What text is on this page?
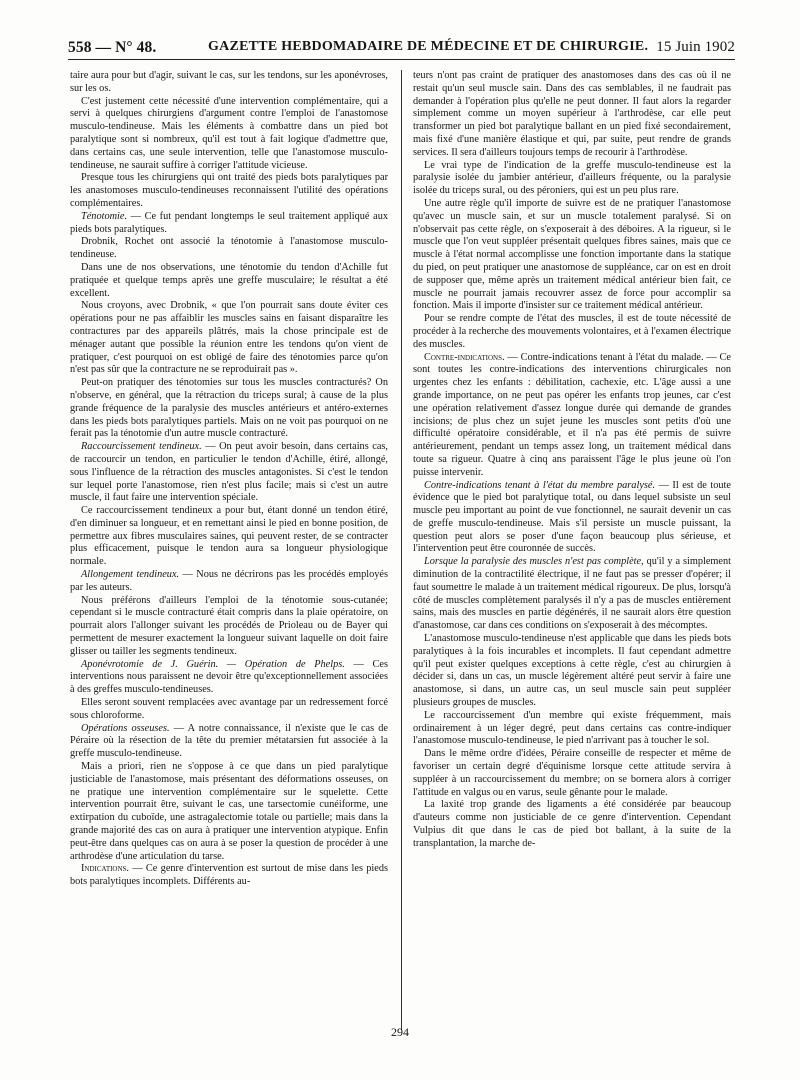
558 — N° 48.	GAZETTE HEBDOMADAIRE DE MÉDECINE ET DE CHIRURGIE. 15 Juin 1902

taire aura pour but d'agir, suivant le cas, sur les tendons, sur les aponévroses, sur les os.

C'est justement cette nécessité d'une intervention complémentaire, qui a servi à quelques chirurgiens d'argument contre l'emploi de l'anastomose musculo-tendineuse. Mais les éléments à combattre dans un pied bot paralytique sont si nombreux, qu'il est tout à fait logique d'admettre que, dans certains cas, une seule intervention, telle que l'anastomose musculo-tendineuse, ne saurait suffire à corriger l'attitude vicieuse.

Presque tous les chirurgiens qui ont traité des pieds bots paralytiques par les anastomoses musculo-tendineuses reconnaissent l'utilité des opérations complémentaires.

Ténotomie. — Ce fut pendant longtemps le seul traitement appliqué aux pieds bots paralytiques.

Drobnik, Rochet ont associé la ténotomie à l'anastomose musculo-tendineuse.

Dans une de nos observations, une ténotomie du tendon d'Achille fut pratiquée et quelque temps après une greffe musculaire; le résultat a été excellent.

Nous croyons, avec Drobnik, « que l'on pourrait sans doute éviter ces opérations pour ne pas affaiblir les muscles sains en faisant disparaître les contractures par des appareils plâtrés, mais la chose principale est de ménager autant que possible la réunion entre les tendons qu'on vient de pratiquer, c'est pourquoi on est obligé de faire des ténotomies parce qu'on n'est pas sûr que la contracture ne se reproduirait pas ».

Peut-on pratiquer des ténotomies sur tous les muscles contracturés? On n'observe, en général, que la rétraction du triceps sural; à cause de la plus grande fréquence de la paralysie des muscles antérieurs et antéro-externes dans les pieds bots paralytiques partiels. Mais on ne voit pas pourquoi on ne ferait pas la ténotomie d'un autre muscle contracturé.

Raccourcissement tendineux. — On peut avoir besoin, dans certains cas, de raccourcir un tendon, en particulier le tendon d'Achille, étiré, allongé, sous l'influence de la rétraction des muscles antagonistes. Si c'est le tendon sur lequel porte l'anastomose, rien n'est plus facile; mais si c'est un autre muscle, il faut faire une intervention spéciale.

Ce raccourcissement tendineux a pour but, étant donné un tendon étiré, d'en diminuer sa longueur, et en remettant ainsi le pied en bonne position, de permettre aux fibres musculaires saines, qui peuvent rester, de se contracter plus efficacement, puisque le tendon aura sa longueur physiologique normale.

Allongement tendineux. — Nous ne décrirons pas les procédés employés par les auteurs.

Nous préférons d'ailleurs l'emploi de la ténotomie sous-cutanée; cependant si le muscle contracturé était compris dans la plaie opératoire, on pourrait alors l'allonger suivant les procédés de Prioleau ou de Bayer qui permettent de mesurer exactement la longueur suivant laquelle on doit faire glisser ou tailler les segments tendineux.

Aponévrotomie de J. Guérin. — Opération de Phelps. — Ces interventions nous paraissent ne devoir être qu'exceptionnellement associées à des greffes musculo-tendineuses.

Elles seront souvent remplacées avec avantage par un redressement forcé sous chloroforme.

Opérations osseuses. — A notre connaissance, il n'existe que le cas de Péraire où la résection de la tête du premier métatarsien fut associée à la greffe musculo-tendineuse.

Mais a priori, rien ne s'oppose à ce que dans un pied paralytique justiciable de l'anastomose, mais présentant des déformations osseuses, on ne pratique une intervention complémentaire sur le squelette. Cette intervention pourrait être, suivant le cas, une tarsectomie cunéiforme, une extirpation du cuboïde, une astragalectomie totale ou partielle; mais dans la grande majorité des cas on aura à pratiquer une intervention atypique. Enfin peut-être dans quelques cas on aura à se poser la question de procéder à une arthrodèse d'une articulation du tarse.

Indications. — Ce genre d'intervention est surtout de mise dans les pieds bots paralytiques incomplets. Différents au-

teurs n'ont pas craint de pratiquer des anastomoses dans des cas où il ne restait qu'un seul muscle sain. Dans des cas semblables, il ne faudrait pas demander à l'opération plus qu'elle ne peut donner. Il faut alors la regarder simplement comme un moyen supérieur à l'arthrodèse, car elle peut transformer un pied bot paralytique ballant en un pied fixé secondairement, mais fixé d'une manière élastique et qui, par suite, peut rendre de grands services. Il sera d'ailleurs toujours temps de recourir à l'arthrodèse.

Le vrai type de l'indication de la greffe musculo-tendineuse est la paralysie isolée du jambier antérieur, d'ailleurs fréquente, ou la paralysie isolée du triceps sural, ou des péroniers, qui est un peu plus rare.

Une autre règle qu'il importe de suivre est de ne pratiquer l'anastomose qu'avec un muscle sain, et sur un muscle totalement paralysé. Si on n'observait pas cette règle, on s'exposerait à des déboires. A la rigueur, si le muscle que l'on veut suppléer présentait quelques fibres saines, mais que ce muscle à l'état normal accomplisse une fonction importante dans la statique du pied, on peut pratiquer une anastomose de suppléance, car on est en droit de supposer que, même après un traitement médical antérieur bien fait, ce muscle ne pourrait jamais recouvrer assez de force pour accomplir sa fonction. Mais il importe d'insister sur ce traitement médical antérieur.

Pour se rendre compte de l'état des muscles, il est de toute nécessité de procéder à la recherche des mouvements volontaires, et à l'examen électrique des muscles.

Contre-indications. — Contre-indications tenant à l'état du malade. — Ce sont toutes les contre-indications des interventions chirurgicales non urgentes chez les enfants : débilitation, cachexie, etc. L'âge aussi a une grande importance, on ne peut pas opérer les enfants trop jeunes, car c'est une opération relativement d'assez longue durée qui demande de grandes incisions; de plus chez un sujet jeune les muscles sont petits d'où une difficulté opératoire considérable, et il n'a pas été permis de suivre antérieurement, pendant un temps assez long, un traitement médical dans toute sa rigueur. Quatre à cinq ans paraissent l'âge le plus jeune où l'on puisse intervenir.

Contre-indications tenant à l'état du membre paralysé. — Il est de toute évidence que le pied bot paralytique total, ou dans lequel subsiste un seul muscle peu important au point de vue fonctionnel, ne saurait devenir un cas de greffe musculo-tendineuse. Mais s'il persiste un muscle puissant, la question peut alors se poser d'une façon beaucoup plus sérieuse, et l'intervention peut être couronnée de succès.

Lorsque la paralysie des muscles n'est pas complète, qu'il y a simplement diminution de la contractilité électrique, il ne faut pas se presser d'opérer; il faut soumettre le malade à un traitement médical rigoureux. De plus, lorsqu'à côté de muscles complètement paralysés il n'y a pas de muscles entièrement sains, mais des muscles en partie dégénérés, il ne saurait alors être question d'anastomose, car dans ces conditions on s'exposerait à des mécomptes.

L'anastomose musculo-tendineuse n'est applicable que dans les pieds bots paralytiques à la fois incurables et incomplets. Il faut cependant admettre qu'il peut exister quelques exceptions à cette règle, c'est au chirurgien à décider si, dans un cas, un muscle légèrement altéré peut servir à faire une anastomose, si dans, un autre cas, un seul muscle sain peut suppléer plusieurs groupes de muscles.

Le raccourcissement d'un membre qui existe fréquemment, mais ordinairement à un léger degré, peut dans certains cas contre-indiquer l'anastomose musculo-tendineuse, le pied n'arrivant pas à toucher le sol.

Dans le même ordre d'idées, Péraire conseille de respecter et même de favoriser un certain degré d'équinisme lorsque cette attitude servira à suppléer à un raccourcissement du membre; on se bornera alors à corriger l'attitude en valgus ou en varus, seule gênante pour le malade.

La laxité trop grande des ligaments a été considérée par beaucoup d'auteurs comme non justiciable de ce genre d'intervention. Cependant Vulpius dit que dans le cas de pied bot ballant, à la suite de la transplantation, la marche de-

294
